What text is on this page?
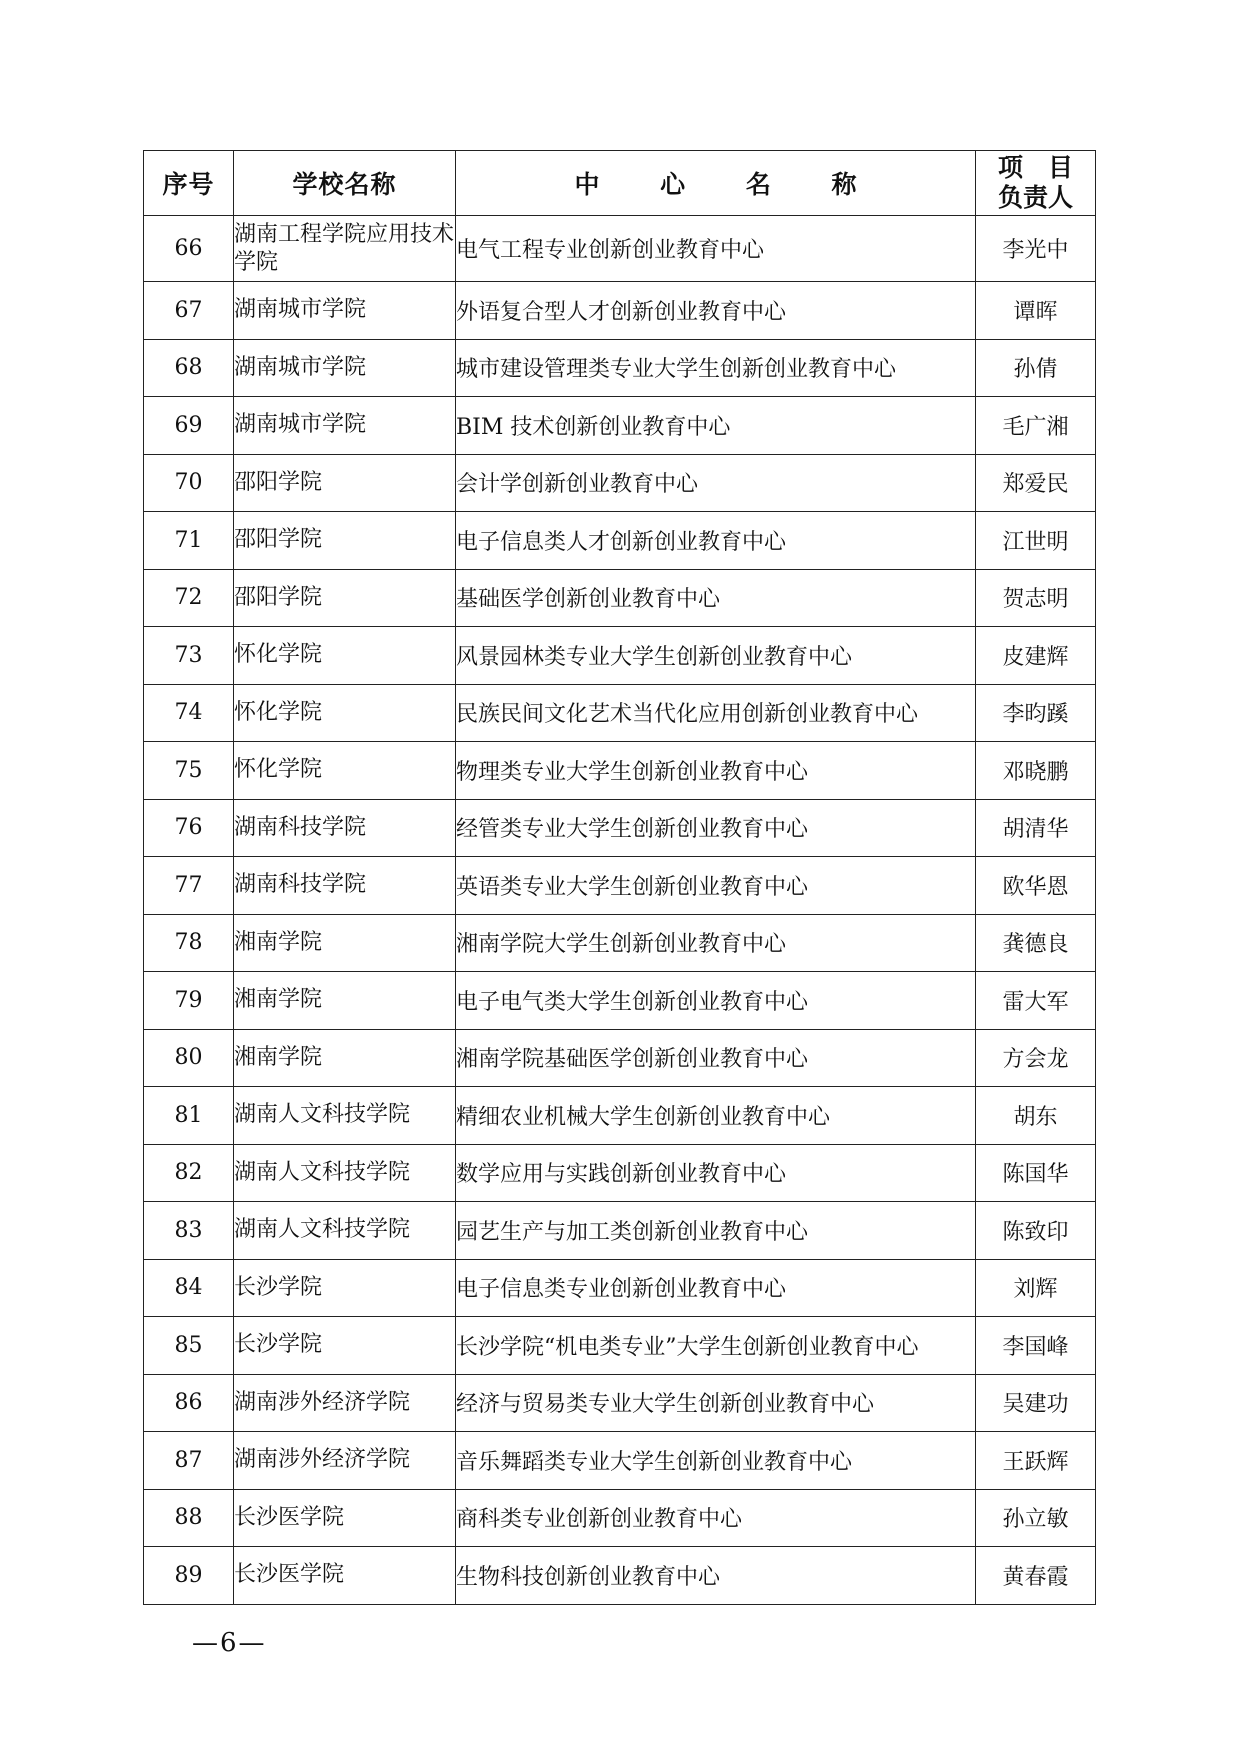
序号	学校名称	中 心 名 称	项　目
负责人

66	湖南工程学院应用技术学院	电气工程专业创新创业教育中心	李光中
67	湖南城市学院	外语复合型人才创新创业教育中心	谭晖
68	湖南城市学院	城市建设管理类专业大学生创新创业教育中心	孙倩
69	湖南城市学院	BIM 技术创新创业教育中心	毛广湘
70	邵阳学院	会计学创新创业教育中心	郑爱民
71	邵阳学院	电子信息类人才创新创业教育中心	江世明
72	邵阳学院	基础医学创新创业教育中心	贺志明
73	怀化学院	风景园林类专业大学生创新创业教育中心	皮建辉
74	怀化学院	民族民间文化艺术当代化应用创新创业教育中心	李昀蹊
75	怀化学院	物理类专业大学生创新创业教育中心	邓晓鹏
76	湖南科技学院	经管类专业大学生创新创业教育中心	胡清华
77	湖南科技学院	英语类专业大学生创新创业教育中心	欧华恩
78	湘南学院	湘南学院大学生创新创业教育中心	龚德良
79	湘南学院	电子电气类大学生创新创业教育中心	雷大军
80	湘南学院	湘南学院基础医学创新创业教育中心	方会龙
81	湖南人文科技学院	精细农业机械大学生创新创业教育中心	胡东
82	湖南人文科技学院	数学应用与实践创新创业教育中心	陈国华
83	湖南人文科技学院	园艺生产与加工类创新创业教育中心	陈致印
84	长沙学院	电子信息类专业创新创业教育中心	刘辉
85	长沙学院	长沙学院“机电类专业”大学生创新创业教育中心	李国峰
86	湖南涉外经济学院	经济与贸易类专业大学生创新创业教育中心	吴建功
87	湖南涉外经济学院	音乐舞蹈类专业大学生创新创业教育中心	王跃辉
88	长沙医学院	商科类专业创新创业教育中心	孙立敏
89	长沙医学院	生物科技创新创业教育中心	黄春霞
—6—
